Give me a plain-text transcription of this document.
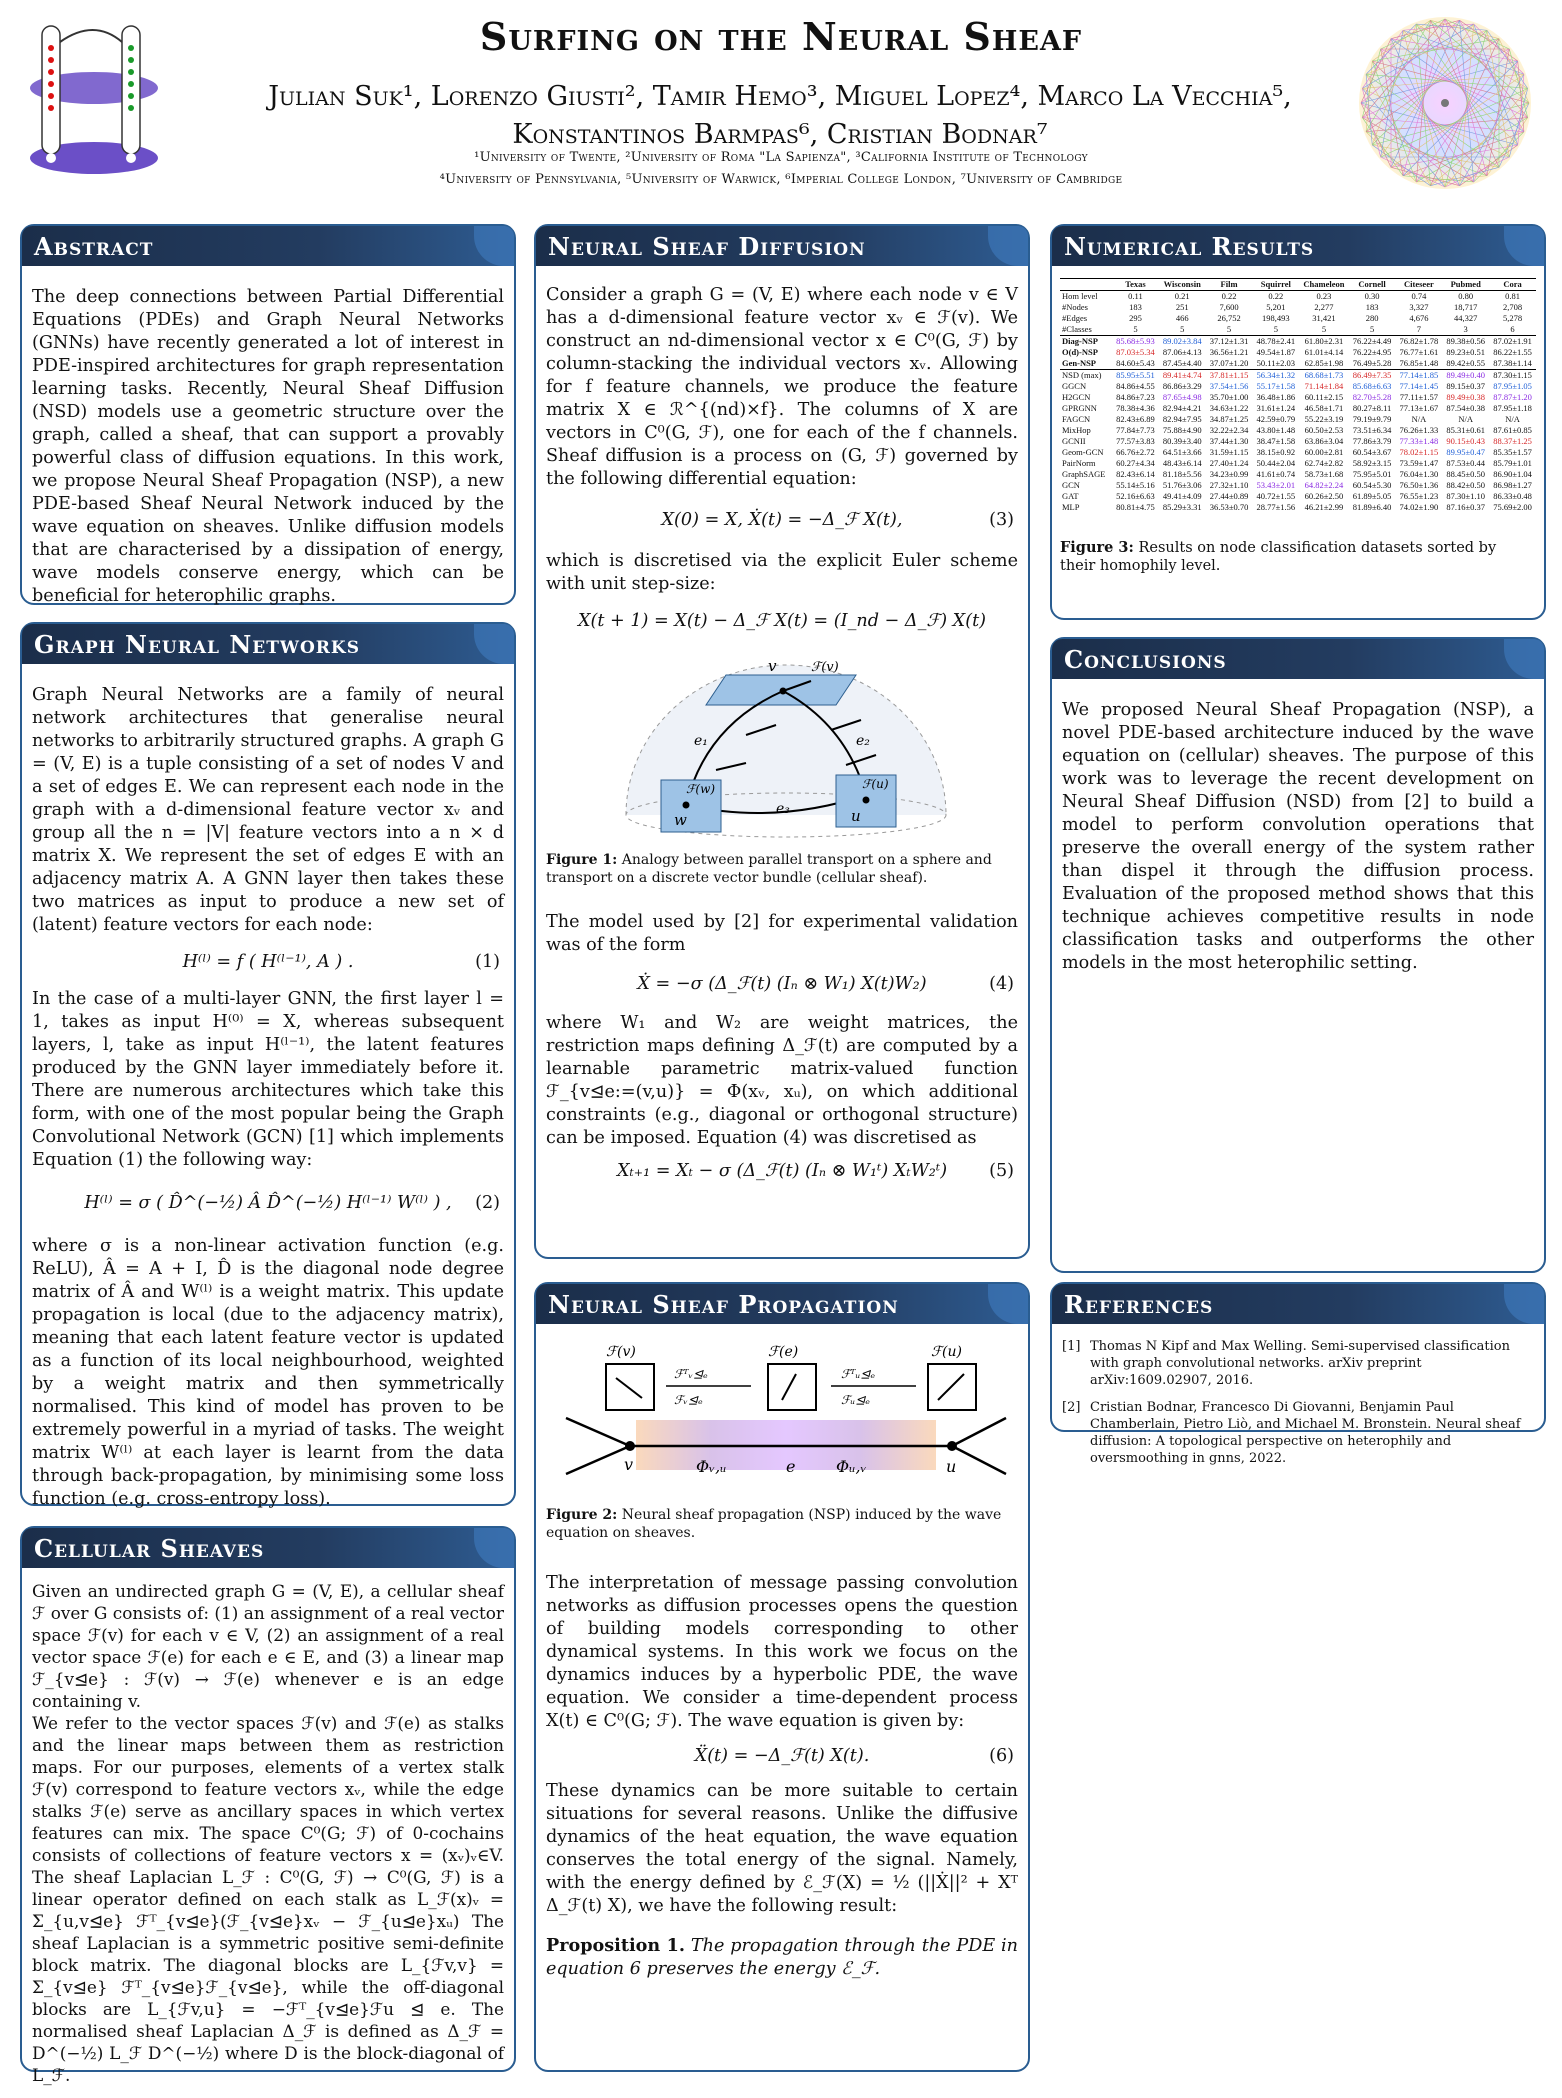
Surfing on the Neural Sheaf
Julian Suk¹, Lorenzo Giusti², Tamir Hemo³, Miguel Lopez⁴, Marco La Vecchia⁵,
Konstantinos Barmpas⁶, Cristian Bodnar⁷
¹University of Twente, ²University of Roma "La Sapienza", ³California Institute of Technology
⁴University of Pennsylvania, ⁵University of Warwick, ⁶Imperial College London, ⁷University of Cambridge
Abstract
The deep connections between Partial Differential Equations (PDEs) and Graph Neural Networks (GNNs) have recently generated a lot of interest in PDE-inspired architectures for graph representation learning tasks. Recently, Neural Sheaf Diffusion (NSD) models use a geometric structure over the graph, called a sheaf, that can support a provably powerful class of diffusion equations. In this work, we propose Neural Sheaf Propagation (NSP), a new PDE-based Sheaf Neural Network induced by the wave equation on sheaves. Unlike diffusion models that are characterised by a dissipation of energy, wave models conserve energy, which can be beneficial for heterophilic graphs.
Graph Neural Networks

Graph Neural Networks are a family of neural network architectures that generalise neural networks to arbitrarily structured graphs. A graph G = (V, E) is a tuple consisting of a set of nodes V and a set of edges E. We can represent each node in the graph with a d-dimensional feature vector xᵥ and group all the n = |V| feature vectors into a n × d matrix X. We represent the set of edges E with an adjacency matrix A. A GNN layer then takes these two matrices as input to produce a new set of (latent) feature vectors for each node:

H⁽ˡ⁾ = f ( H⁽ˡ⁻¹⁾, A ) .	(1)

In the case of a multi-layer GNN, the first layer l = 1, takes as input H⁽⁰⁾ = X, whereas subsequent layers, l, take as input H⁽ˡ⁻¹⁾, the latent features produced by the GNN layer immediately before it. There are numerous architectures which take this form, with one of the most popular being the Graph Convolutional Network (GCN) [1] which implements Equation (1) the following way:

H⁽ˡ⁾ = σ ( D̂^(−½) Â D̂^(−½) H⁽ˡ⁻¹⁾ W⁽ˡ⁾ ) , (2)

where σ is a non-linear activation function (e.g. ReLU), Â = A + I, D̂ is the diagonal node degree matrix of Â and W⁽ˡ⁾ is a weight matrix. This update propagation is local (due to the adjacency matrix), meaning that each latent feature vector is updated as a function of its local neighbourhood, weighted by a weight matrix and then symmetrically normalised. This kind of model has proven to be extremely powerful in a myriad of tasks. The weight matrix W⁽ˡ⁾ at each layer is learnt from the data through back-propagation, by minimising some loss function (e.g. cross-entropy loss).

Cellular Sheaves

Given an undirected graph G = (V, E), a cellular sheaf ℱ over G consists of: (1) an assignment of a real vector space ℱ(v) for each v ∈ V, (2) an assignment of a real vector space ℱ(e) for each e ∈ E, and (3) a linear map ℱ_{v⊴e} : ℱ(v) → ℱ(e) whenever e is an edge containing v.

We refer to the vector spaces ℱ(v) and ℱ(e) as stalks and the linear maps between them as restriction maps. For our purposes, elements of a vertex stalk ℱ(v) correspond to feature vectors xᵥ, while the edge stalks ℱ(e) serve as ancillary spaces in which vertex features can mix. The space C⁰(G; ℱ) of 0-cochains consists of collections of feature vectors x = (xᵥ)ᵥ∈V. The sheaf Laplacian L_ℱ : C⁰(G, ℱ) → C⁰(G, ℱ) is a linear operator defined on each stalk as L_ℱ(x)ᵥ = Σ_{u,v⊴e} ℱᵀ_{v⊴e}(ℱ_{v⊴e}xᵥ − ℱ_{u⊴e}xᵤ) The sheaf Laplacian is a symmetric positive semi-definite block matrix. The diagonal blocks are L_{ℱv,v} = Σ_{v⊴e} ℱᵀ_{v⊴e}ℱ_{v⊴e}, while the off-diagonal blocks are L_{ℱv,u} = −ℱᵀ_{v⊴e}ℱu ⊴ e. The normalised sheaf Laplacian Δ_ℱ is defined as Δ_ℱ = D^(−½) L_ℱ D^(−½) where D is the block-diagonal of L_ℱ.

Neural Sheaf Diffusion

Consider a graph G = (V, E) where each node v ∈ V has a d-dimensional feature vector xᵥ ∈ ℱ(v). We construct an nd-dimensional vector x ∈ C⁰(G, ℱ) by column-stacking the individual vectors xᵥ. Allowing for f feature channels, we produce the feature matrix X ∈ ℛ^{(nd)×f}. The columns of X are vectors in C⁰(G, ℱ), one for each of the f channels. Sheaf diffusion is a process on (G, ℱ) governed by the following differential equation:

X(0) = X, Ẋ(t) = −Δ_ℱ X(t),	(3)

which is discretised via the explicit Euler scheme with unit step-size:

X(t + 1) = X(t) − Δ_ℱ X(t) = (I_nd − Δ_ℱ) X(t)
v	ℱ(v)
e₁	e₂
e₃
w	u
ℱ(w)	ℱ(u)

Figure 1: Analogy between parallel transport on a sphere and transport on a discrete vector bundle (cellular sheaf).

The model used by [2] for experimental validation was of the form

Ẋ = −σ (Δ_ℱ(t) (Iₙ ⊗ W₁) X(t)W₂)	(4)

where W₁ and W₂ are weight matrices, the restriction maps defining Δ_ℱ(t) are computed by a learnable parametric matrix-valued function ℱ_{v⊴e:=(v,u)} = Φ(xᵥ, xᵤ), on which additional constraints (e.g., diagonal or orthogonal structure) can be imposed. Equation (4) was discretised as

Xₜ₊₁ = Xₜ − σ (Δ_ℱ(t) (Iₙ ⊗ W₁ᵗ) XₜW₂ᵗ) (5)
Neural Sheaf Propagation
ℱ(v)	ℱ(e)	ℱ(u)
ℱᵀᵥ⊴ₑ
ℱᵥ⊴ₑ
ℱᵀᵤ⊴ₑ
ℱᵤ⊴ₑ
v	e	u
Φᵥ,ᵤ	Φᵤ,ᵥ

Figure 2: Neural sheaf propagation (NSP) induced by the wave equation on sheaves.

The interpretation of message passing convolution networks as diffusion processes opens the question of building models corresponding to other dynamical systems. In this work we focus on the dynamics induces by a hyperbolic PDE, the wave equation. We consider a time-dependent process X(t) ∈ C⁰(G; ℱ). The wave equation is given by:

Ẍ(t) = −Δ_ℱ(t) X(t).	(6)

These dynamics can be more suitable to certain situations for several reasons. Unlike the diffusive dynamics of the heat equation, the wave equation conserves the total energy of the signal. Namely, with the energy defined by ℰ_ℱ(X) = ½ (||Ẋ||² + Xᵀ Δ_ℱ(t) X), we have the following result:

Proposition 1. The propagation through the PDE in equation 6 preserves the energy ℰ_ℱ.

Numerical Results
	Texas	Wisconsin	Film	Squirrel	Chameleon	Cornell	Citeseer	Pubmed	Cora
Hom level	0.11	0.21	0.22	0.22	0.23	0.30	0.74	0.80	0.81
#Nodes	183	251	7,600	5,201	2,277	183	3,327	18,717	2,708
#Edges	295	466	26,752	198,493	31,421	280	4,676	44,327	5,278
#Classes	5	5	5	5	5	5	7	3	6
Diag-NSP	85.68±5.93	89.02±3.84	37.12±1.31	48.78±2.41	61.80±2.31	76.22±4.49	76.82±1.78	89.38±0.56	87.02±1.91
O(d)-NSP	87.03±5.34	87.06±4.13	36.56±1.21	49.54±1.87	61.01±4.14	76.22±4.95	76.77±1.61	89.23±0.51	86.22±1.55
Gen-NSP	84.60±5.43	87.45±4.40	37.07±1.20	50.11±2.03	62.85±1.98	76.49±5.28	76.85±1.48	89.42±0.55	87.38±1.14
NSD (max)	85.95±5.51	89.41±4.74	37.81±1.15	56.34±1.32	68.68±1.73	86.49±7.35	77.14±1.85	89.49±0.40	87.30±1.15
GGCN	84.86±4.55	86.86±3.29	37.54±1.56	55.17±1.58	71.14±1.84	85.68±6.63	77.14±1.45	89.15±0.37	87.95±1.05
H2GCN	84.86±7.23	87.65±4.98	35.70±1.00	36.48±1.86	60.11±2.15	82.70±5.28	77.11±1.57	89.49±0.38	87.87±1.20
GPRGNN	78.38±4.36	82.94±4.21	34.63±1.22	31.61±1.24	46.58±1.71	80.27±8.11	77.13±1.67	87.54±0.38	87.95±1.18
FAGCN	82.43±6.89	82.94±7.95	34.87±1.25	42.59±0.79	55.22±3.19	79.19±9.79	N/A	N/A	N/A
MixHop	77.84±7.73	75.88±4.90	32.22±2.34	43.80±1.48	60.50±2.53	73.51±6.34	76.26±1.33	85.31±0.61	87.61±0.85
GCNII	77.57±3.83	80.39±3.40	37.44±1.30	38.47±1.58	63.86±3.04	77.86±3.79	77.33±1.48	90.15±0.43	88.37±1.25
Geom-GCN	66.76±2.72	64.51±3.66	31.59±1.15	38.15±0.92	60.00±2.81	60.54±3.67	78.02±1.15	89.95±0.47	85.35±1.57
PairNorm	60.27±4.34	48.43±6.14	27.40±1.24	50.44±2.04	62.74±2.82	58.92±3.15	73.59±1.47	87.53±0.44	85.79±1.01
GraphSAGE	82.43±6.14	81.18±5.56	34.23±0.99	41.61±0.74	58.73±1.68	75.95±5.01	76.04±1.30	88.45±0.50	86.90±1.04
GCN	55.14±5.16	51.76±3.06	27.32±1.10	53.43±2.01	64.82±2.24	60.54±5.30	76.50±1.36	88.42±0.50	86.98±1.27
GAT	52.16±6.63	49.41±4.09	27.44±0.89	40.72±1.55	60.26±2.50	61.89±5.05	76.55±1.23	87.30±1.10	86.33±0.48
MLP	80.81±4.75	85.29±3.31	36.53±0.70	28.77±1.56	46.21±2.99	81.89±6.40	74.02±1.90	87.16±0.37	75.69±2.00

Figure 3: Results on node classification datasets sorted by their homophily level.

Conclusions
We proposed Neural Sheaf Propagation (NSP), a novel PDE-based architecture induced by the wave equation on (cellular) sheaves. The purpose of this work was to leverage the recent development on Neural Sheaf Diffusion (NSD) from [2] to build a model to perform convolution operations that preserve the overall energy of the system rather than dispel it through the diffusion process. Evaluation of the proposed method shows that this technique achieves competitive results in node classification tasks and outperforms the other models in the most heterophilic setting.
References
[1] Thomas N Kipf and Max Welling. Semi-supervised classification with graph convolutional networks. arXiv preprint arXiv:1609.02907, 2016.
[2] Cristian Bodnar, Francesco Di Giovanni, Benjamin Paul Chamberlain, Pietro Liò, and Michael M. Bronstein. Neural sheaf diffusion: A topological perspective on heterophily and oversmoothing in gnns, 2022.
